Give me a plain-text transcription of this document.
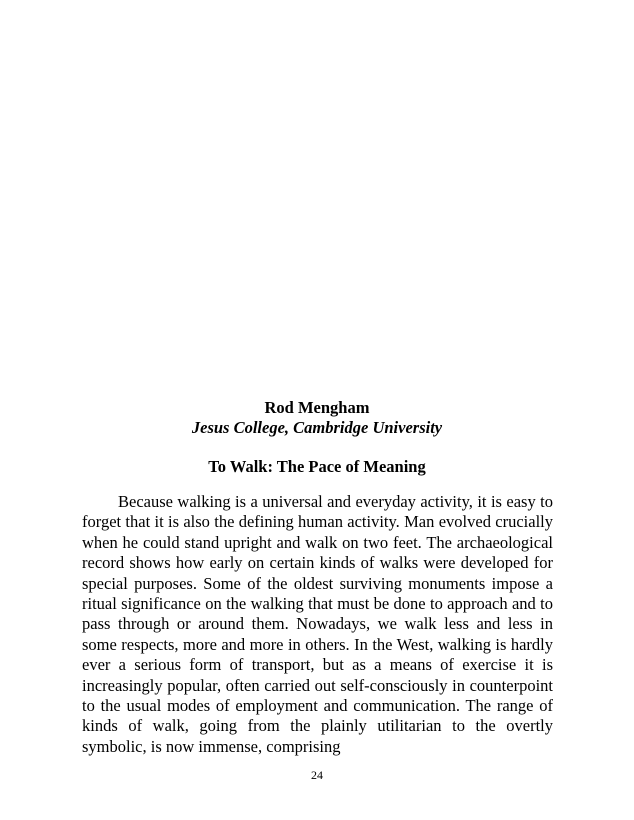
Rod Mengham
Jesus College, Cambridge University
To Walk: The Pace of Meaning

Because walking is a universal and everyday activity, it is easy to forget that it is also the defining human activity. Man evolved crucially when he could stand upright and walk on two feet. The archaeological record shows how early on certain kinds of walks were developed for special purposes. Some of the oldest surviving monuments impose a ritual significance on the walking that must be done to approach and to pass through or around them. Nowadays, we walk less and less in some respects, more and more in others. In the West, walking is hardly ever a serious form of transport, but as a means of exercise it is increasingly popular, often carried out self-consciously in counterpoint to the usual modes of employment and communication. The range of kinds of walk, going from the plainly utilitarian to the overtly symbolic, is now immense, comprising

24
